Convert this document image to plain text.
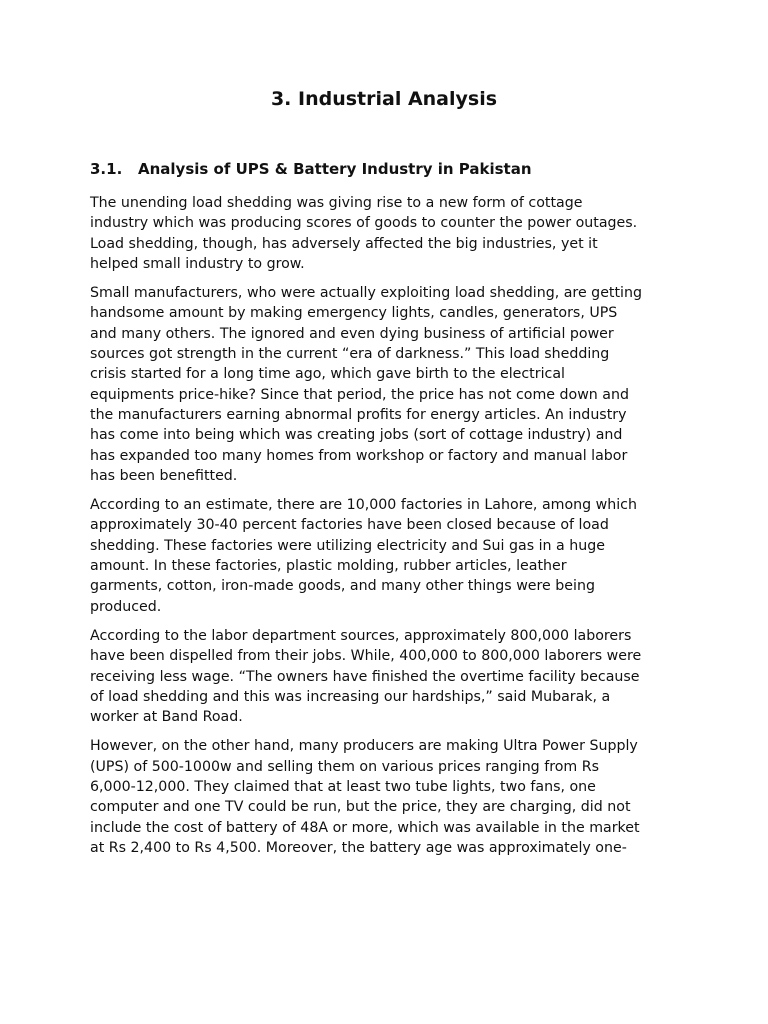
3. Industrial Analysis
3.1. Analysis of UPS & Battery Industry in Pakistan

The unending load shedding was giving rise to a new form of cottage
industry which was producing scores of goods to counter the power outages.
Load shedding, though, has adversely affected the big industries, yet it
helped small industry to grow.

Small manufacturers, who were actually exploiting load shedding, are getting
handsome amount by making emergency lights, candles, generators, UPS
and many others. The ignored and even dying business of artificial power
sources got strength in the current “era of darkness.” This load shedding
crisis started for a long time ago, which gave birth to the electrical
equipments price-hike? Since that period, the price has not come down and
the manufacturers earning abnormal profits for energy articles. An industry
has come into being which was creating jobs (sort of cottage industry) and
has expanded too many homes from workshop or factory and manual labor
has been benefitted.

According to an estimate, there are 10,000 factories in Lahore, among which
approximately 30-40 percent factories have been closed because of load
shedding. These factories were utilizing electricity and Sui gas in a huge
amount. In these factories, plastic molding, rubber articles, leather
garments, cotton, iron-made goods, and many other things were being
produced.

According to the labor department sources, approximately 800,000 laborers
have been dispelled from their jobs. While, 400,000 to 800,000 laborers were
receiving less wage. “The owners have finished the overtime facility because
of load shedding and this was increasing our hardships,” said Mubarak, a
worker at Band Road.

However, on the other hand, many producers are making Ultra Power Supply
(UPS) of 500-1000w and selling them on various prices ranging from Rs
6,000-12,000. They claimed that at least two tube lights, two fans, one
computer and one TV could be run, but the price, they are charging, did not
include the cost of battery of 48A or more, which was available in the market
at Rs 2,400 to Rs 4,500. Moreover, the battery age was approximately one-
